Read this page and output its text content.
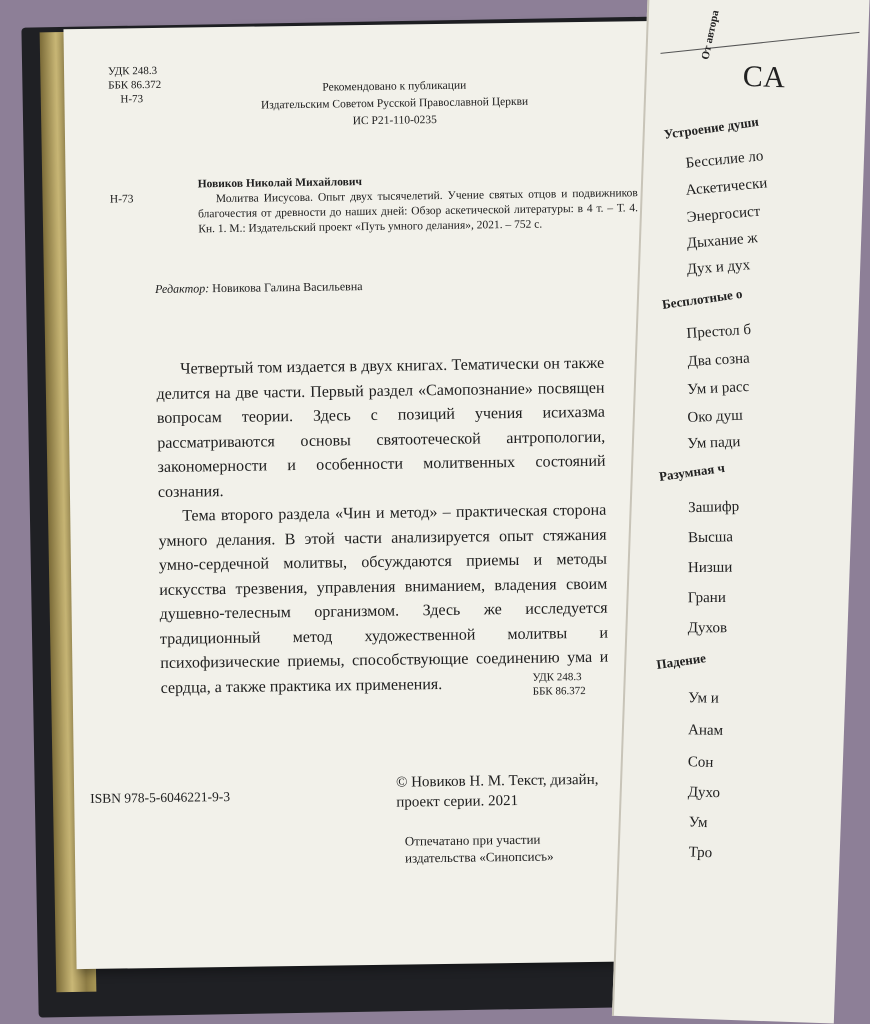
УДК 248.3
ББК 86.372
Н-73
Рекомендовано к публикации
Издательским Советом Русской Православной Церкви
ИС Р21-110-0235
Н-73
Новиков Николай Михайлович
Молитва Иисусова. Опыт двух тысячелетий. Учение святых отцов и подвижников благочестия от древности до наших дней: Обзор аскетической литературы: в 4 т. – Т. 4. Кн. 1. М.: Издательский проект «Путь умного делания», 2021. – 752 с.
Редактор: Новикова Галина Васильевна

Четвертый том издается в двух книгах. Тематически он также делится на две части. Первый раздел «Самопознание» посвящен вопросам теории. Здесь с позиций учения исихазма рассматриваются основы святоотеческой антропологии, закономерности и особенности молитвенных состояний сознания.

Тема второго раздела «Чин и метод» – практическая сторона умного делания. В этой части анализируется опыт стяжания умно-сердечной молитвы, обсуждаются приемы и методы искусства трезвения, управления вниманием, владения своим душевно-телесным организмом. Здесь же исследуется традиционный метод художественной молитвы и психофизические приемы, способствующие соединению ума и сердца, а также практика их применения.	УДК 248.3
ББК 86.372
ISBN 978-5-6046221-9-3
© Новиков Н. М. Текст, дизайн,
проект серии. 2021
Отпечатано при участии
издательства «Синопсисъ»
От автора
СА
Устроение души
Бессилие ло
Аскетически
Энергосист
Дыхание ж
Дух и дух
Бесплотные о
Престол б
Два созна
Ум и расс
Око душ
Ум пади
Разумная ч
Зашифр
Высша
Низши
Грани
Духов
Падение
Ум и
Анам
Сон
Духо
Ум
Тро
